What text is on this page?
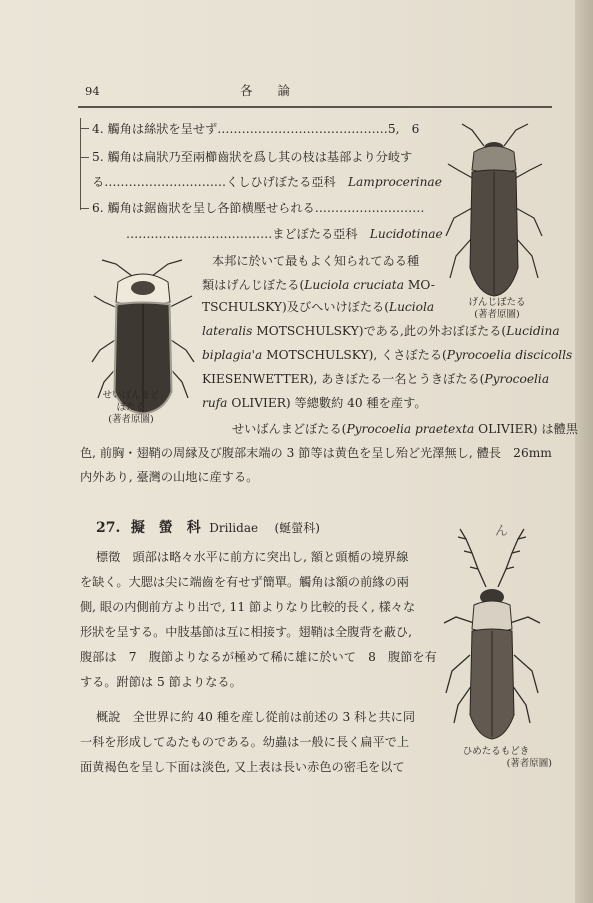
94	各　　論
4. 觸角は絲狀を呈せず……………………………………5,　6
5. 觸角は扁狀乃至兩櫛齒狀を爲し其の枝は基部より分岐す
る…………………………くしひげぼたる亞科　 Lamprocerinae
6. 觸角は鋸齒狀を呈し各節横壓せられる………………………
………………………………まどぼたる亞科　 Lucidotinae
げんじぼたる
(著者原圖)
せいばんまど
ぼたる
(著者原圖)
本邦に於いて最もよく知られてゐる種
類はげんじぼたる(Luciola cruciata MO-
TSCHULSKY)及びへいけぼたる(Luciola
lateralis MOTSCHULSKY)である,此の外おぼぼたる(Lucidina
biplagia'a MOTSCHULSKY), くさぼたる(Pyrocoelia discicolls
KIESENWETTER), あきぼたる一名とうきぼたる(Pyrocoelia
rufa OLIVIER) 等總數約 40 種を産す。
せいばんまどぼたる(Pyrocoelia praetexta OLIVIER) は體黒
色, 前胸・翅鞘の周縁及び腹部末端の 3 節等は黄色を呈し殆ど光澤無し, 體長　26mm
内外あり, 臺灣の山地に産する。
27. 擬　螢　科 Drilidae (蜒螢科)	ん
ひめたるもどき
(著者原圖)
標徵　頭部は略々水平に前方に突出し, 額と頭楯の境界線
を缺く。大腮は尖に端齒を有せず簡單。觸角は額の前緣の兩
側, 眼の内側前方より出で, 11 節よりなり比較的長く, 樣々な
形狀を呈する。中肢基節は互に相接す。翅鞘は全腹背を蔽ひ,
腹部は　7　腹節よりなるが極めて稀に雄に於いて　8　腹節を有
する。跗節は 5 節よりなる。
概說　全世界に約 40 種を産し從前は前述の 3 科と共に同
一科を形成してゐたものである。幼蟲は一般に長く扁平で上
面黄褐色を呈し下面は淡色, 又上表は長い赤色の密毛を以て
